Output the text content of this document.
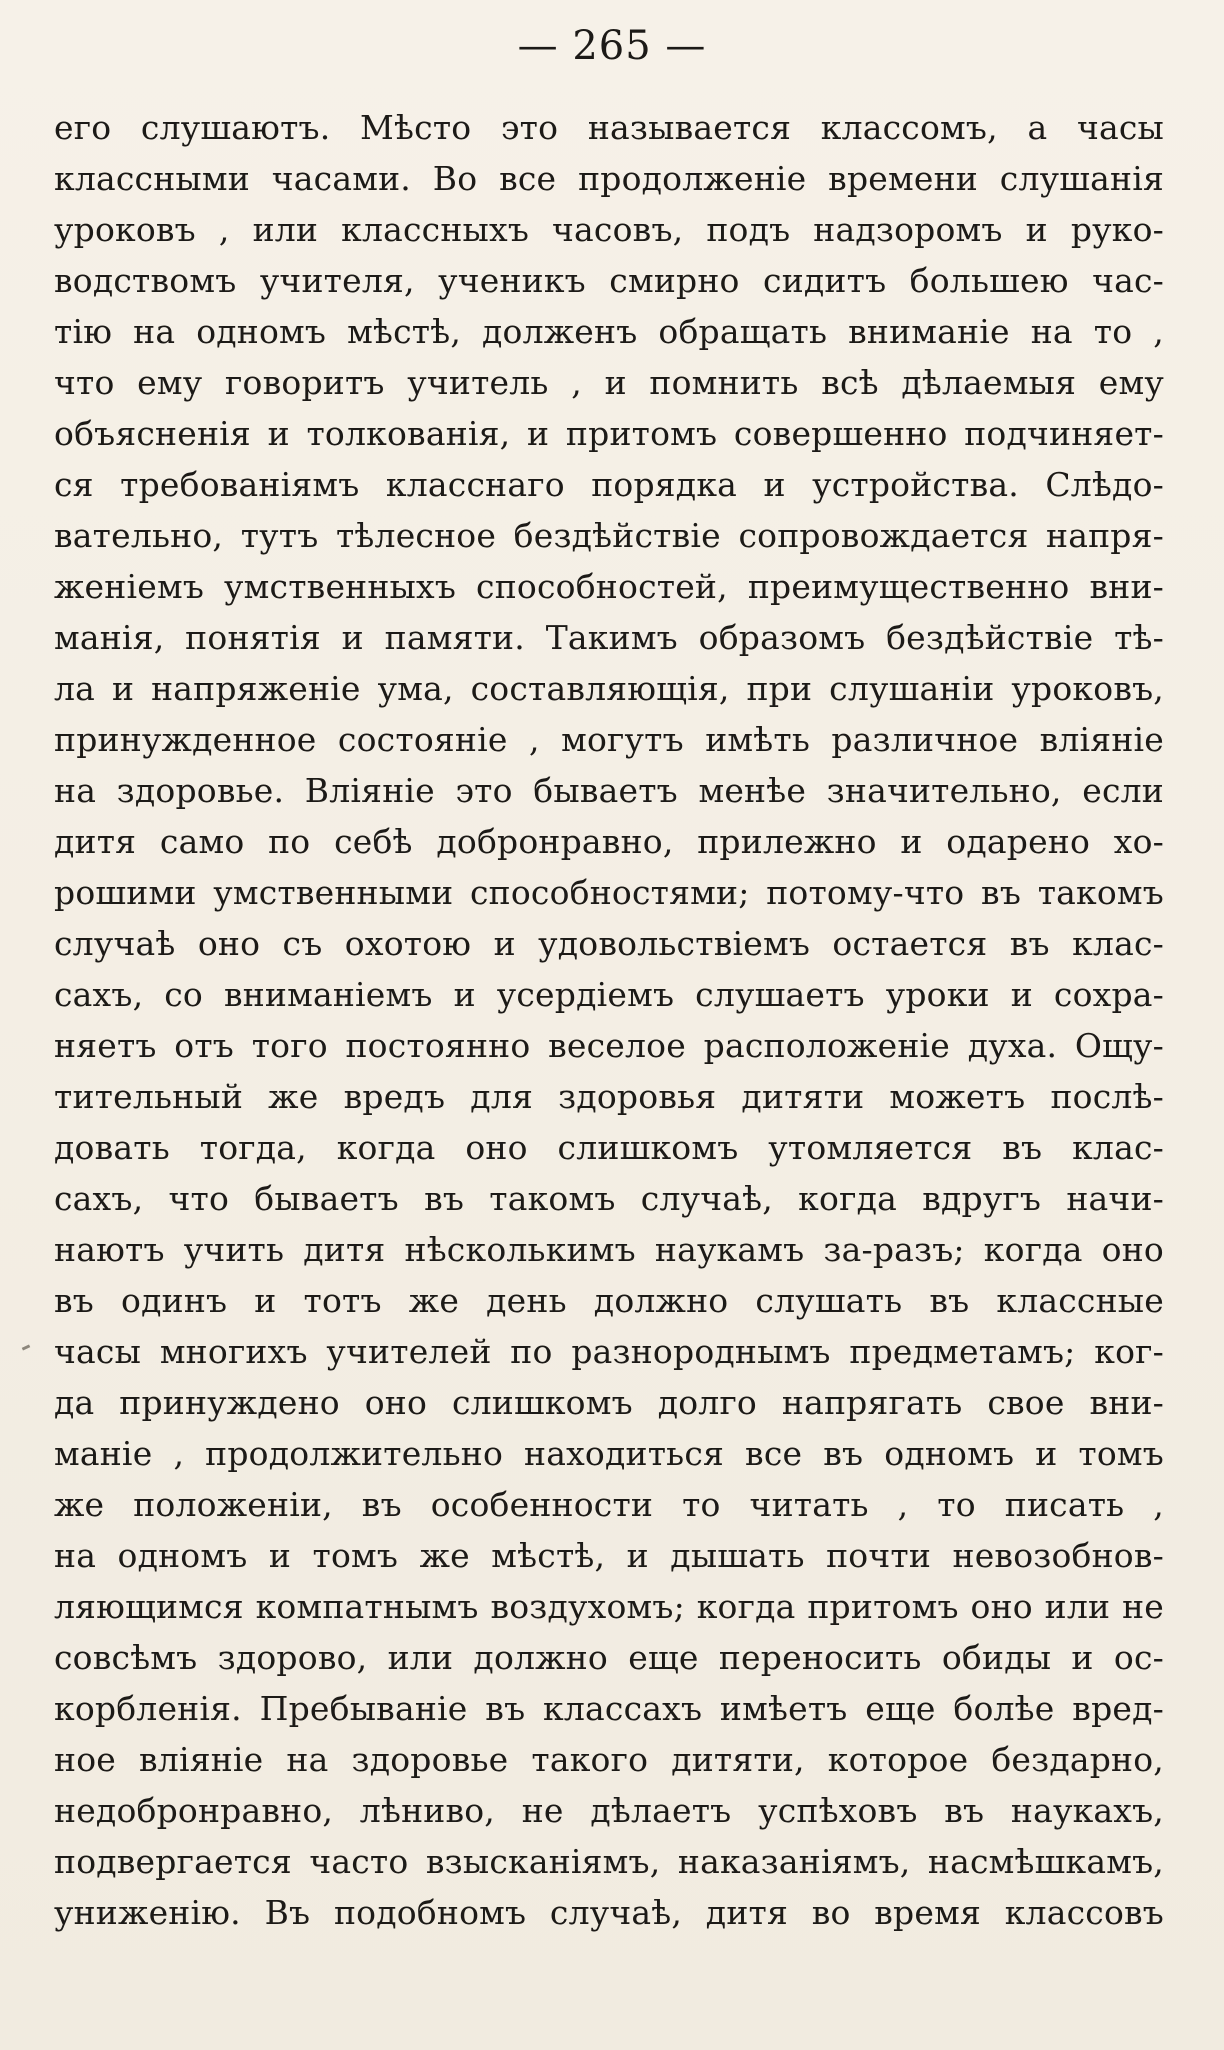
— 265 —
его слушаютъ. Мѣсто это называется классомъ, а часы
классными часами. Во все продолженіе времени слушанія
уроковъ , или классныхъ часовъ, подъ надзоромъ и руко-
водствомъ учителя, ученикъ смирно сидитъ большею час-
тію на одномъ мѣстѣ, долженъ обращать вниманіе на то ,
что ему говоритъ учитель , и помнить всѣ дѣлаемыя ему
объясненія и толкованія, и притомъ совершенно подчиняет-
ся требованіямъ класснаго порядка и устройства. Слѣдо-
вательно, тутъ тѣлесное бездѣйствіе сопровождается напря-
женіемъ умственныхъ способностей, преимущественно вни-
манія, понятія и памяти. Такимъ образомъ бездѣйствіе тѣ-
ла и напряженіе ума, составляющія, при слушаніи уроковъ,
принужденное состояніе , могутъ имѣть различное вліяніе
на здоровье. Вліяніе это бываетъ менѣе значительно, если
дитя само по себѣ добронравно, прилежно и одарено хо-
рошими умственными способностями; потому-что въ такомъ
случаѣ оно съ охотою и удовольствіемъ остается въ клас-
сахъ, со вниманіемъ и усердіемъ слушаетъ уроки и сохра-
няетъ отъ того постоянно веселое расположеніе духа. Ощу-
тительный же вредъ для здоровья дитяти можетъ послѣ-
довать тогда, когда оно слишкомъ утомляется въ клас-
сахъ, что бываетъ въ такомъ случаѣ, когда вдругъ начи-
наютъ учить дитя нѣсколькимъ наукамъ за-разъ; когда оно
въ одинъ и тотъ же день должно слушать въ классные
часы многихъ учителей по разнороднымъ предметамъ; ког-
да принуждено оно слишкомъ долго напрягать свое вни-
маніе , продолжительно находиться все въ одномъ и томъ
же положеніи, въ особенности то читать , то писать ,
на одномъ и томъ же мѣстѣ, и дышать почти невозобнов-
ляющимся компатнымъ воздухомъ; когда притомъ оно или не
совсѣмъ здорово, или должно еще переносить обиды и ос-
корбленія. Пребываніе въ классахъ имѣетъ еще болѣе вред-
ное вліяніе на здоровье такого дитяти, которое бездарно,
недобронравно, лѣниво, не дѣлаетъ успѣховъ въ наукахъ,
подвергается часто взысканіямъ, наказаніямъ, насмѣшкамъ,
униженію. Въ подобномъ случаѣ, дитя во время классовъ
